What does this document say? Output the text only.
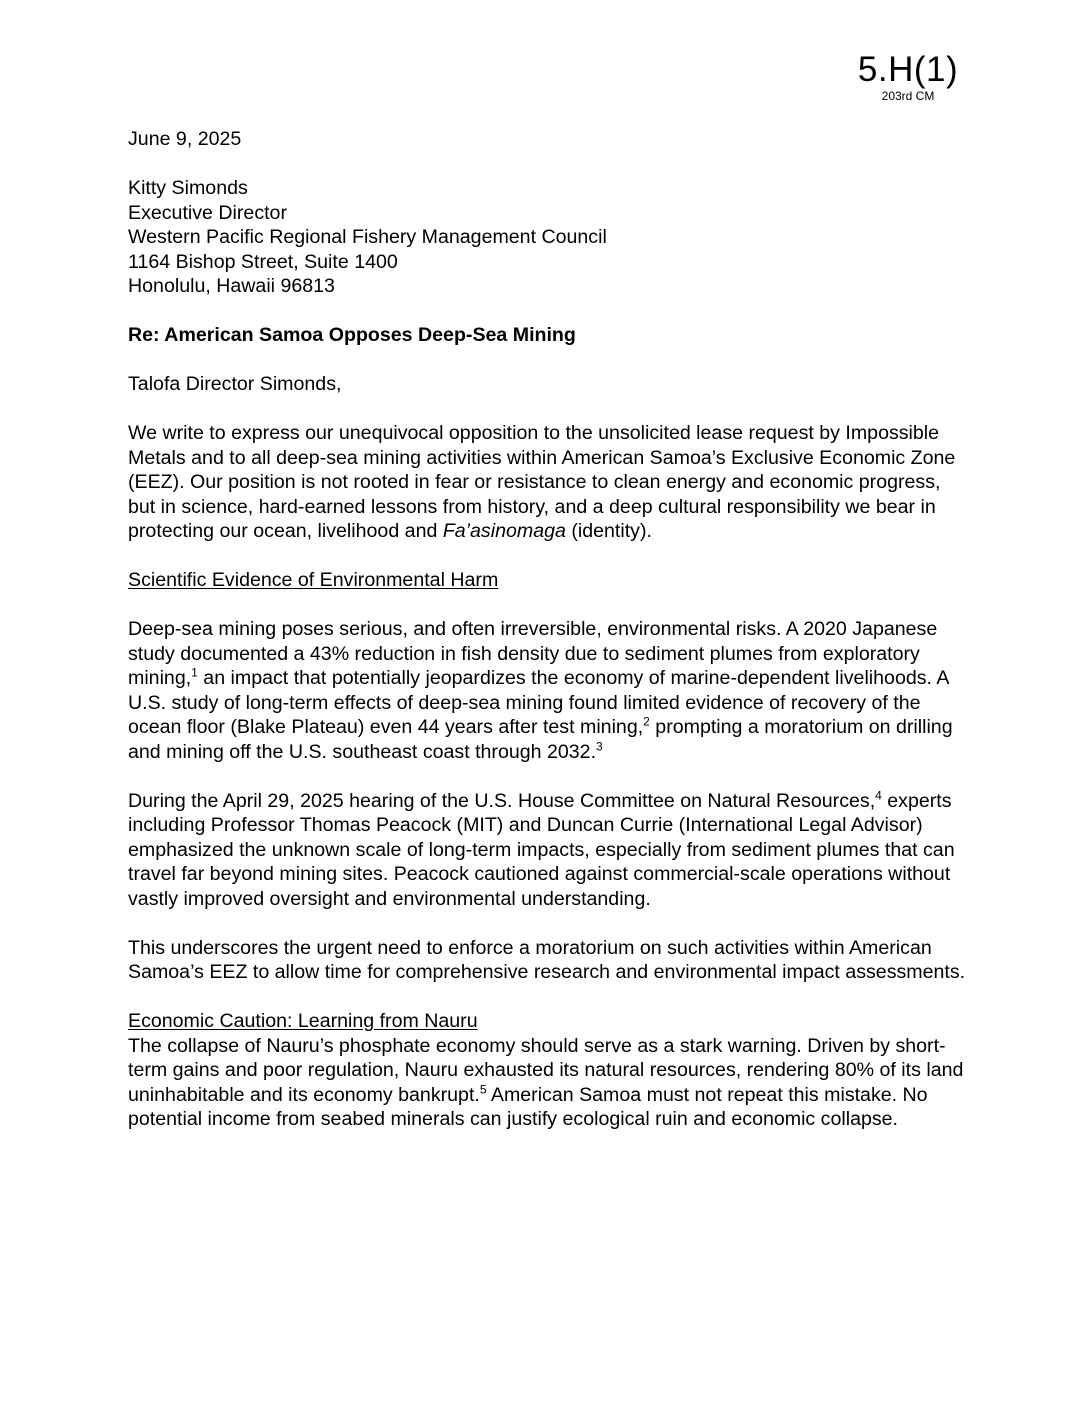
5.H(1)
203rd CM

June 9, 2025

Kitty Simonds

Executive Director

Western Pacific Regional Fishery Management Council

1164 Bishop Street, Suite 1400

Honolulu, Hawaii 96813

Re: American Samoa Opposes Deep-Sea Mining

Talofa Director Simonds,

We write to express our unequivocal opposition to the unsolicited lease request by Impossible Metals and to all deep-sea mining activities within American Samoa’s Exclusive Economic Zone (EEZ). Our position is not rooted in fear or resistance to clean energy and economic progress, but in science, hard-earned lessons from history, and a deep cultural responsibility we bear in protecting our ocean, livelihood and Fa’asinomaga (identity).

Scientific Evidence of Environmental Harm

Deep-sea mining poses serious, and often irreversible, environmental risks. A 2020 Japanese study documented a 43% reduction in fish density due to sediment plumes from exploratory mining,$^1$ an impact that potentially jeopardizes the economy of marine-dependent livelihoods. A U.S. study of long-term effects of deep-sea mining found limited evidence of recovery of the ocean floor (Blake Plateau) even 44 years after test mining,$^2$ prompting a moratorium on drilling and mining off the U.S. southeast coast through 2032.$^3$

During the April 29, 2025 hearing of the U.S. House Committee on Natural Resources,$^4$ experts including Professor Thomas Peacock (MIT) and Duncan Currie (International Legal Advisor) emphasized the unknown scale of long-term impacts, especially from sediment plumes that can travel far beyond mining sites. Peacock cautioned against commercial-scale operations without vastly improved oversight and environmental understanding.

This underscores the urgent need to enforce a moratorium on such activities within American Samoa’s EEZ to allow time for comprehensive research and environmental impact assessments.

Economic Caution: Learning from Nauru

The collapse of Nauru’s phosphate economy should serve as a stark warning. Driven by short-term gains and poor regulation, Nauru exhausted its natural resources, rendering 80% of its land uninhabitable and its economy bankrupt.$^5$ American Samoa must not repeat this mistake. No potential income from seabed minerals can justify ecological ruin and economic collapse.
